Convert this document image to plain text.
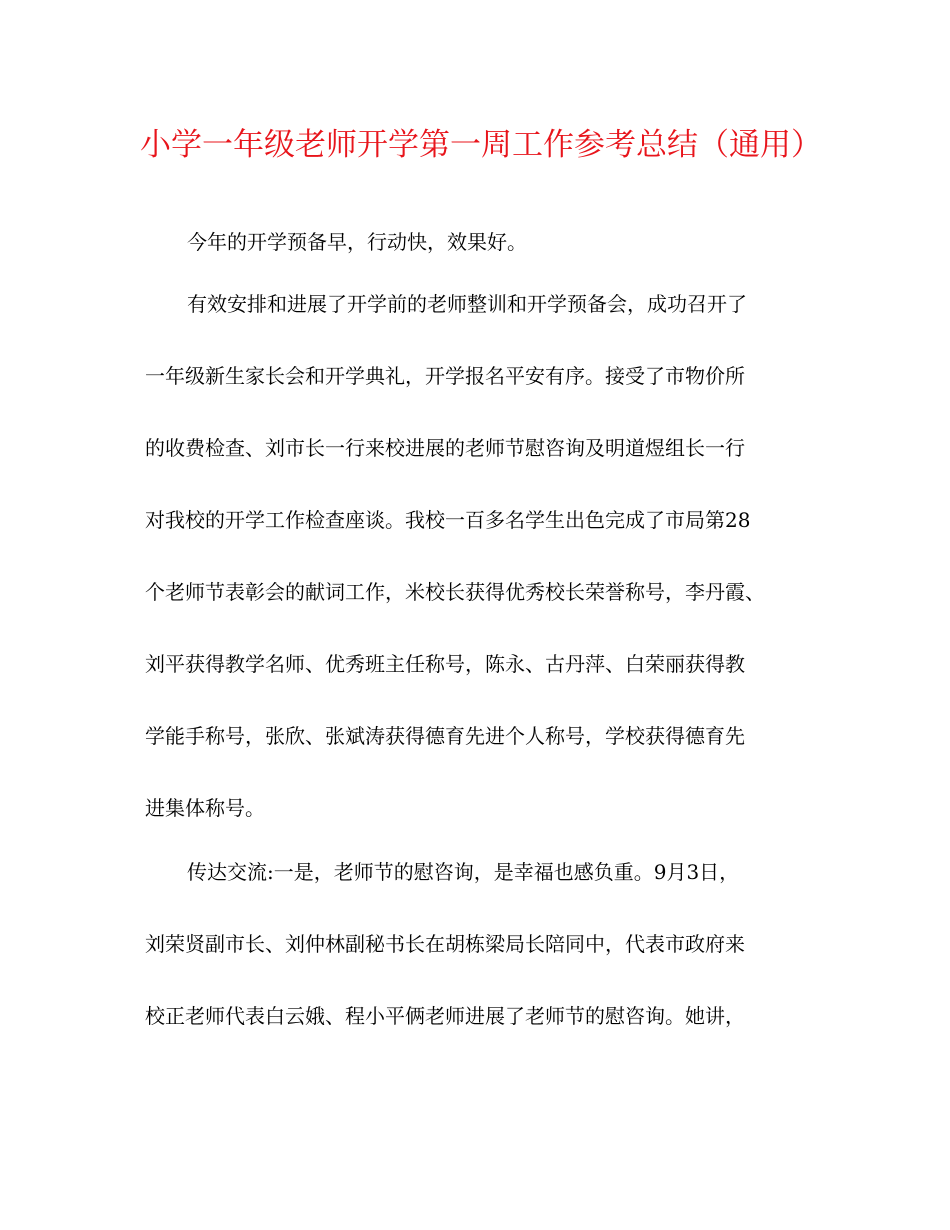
小学一年级老师开学第一周工作参考总结（通用）
今年的开学预备早，行动快，效果好。
有效安排和进展了开学前的老师整训和开学预备会，成功召开了
一年级新生家长会和开学典礼，开学报名平安有序。接受了市物价所
的收费检查、刘市长一行来校进展的老师节慰咨询及明道煜组长一行
对我校的开学工作检查座谈。我校一百多名学生出色完成了市局第28
个老师节表彰会的献词工作，米校长获得优秀校长荣誉称号，李丹霞、
刘平获得教学名师、优秀班主任称号，陈永、古丹萍、白荣丽获得教
学能手称号，张欣、张斌涛获得德育先进个人称号，学校获得德育先
进集体称号。
传达交流:一是，老师节的慰咨询，是幸福也感负重。9月3日，
刘荣贤副市长、刘仲林副秘书长在胡栋梁局长陪同中，代表市政府来
校正老师代表白云娥、程小平俩老师进展了老师节的慰咨询。她讲，
